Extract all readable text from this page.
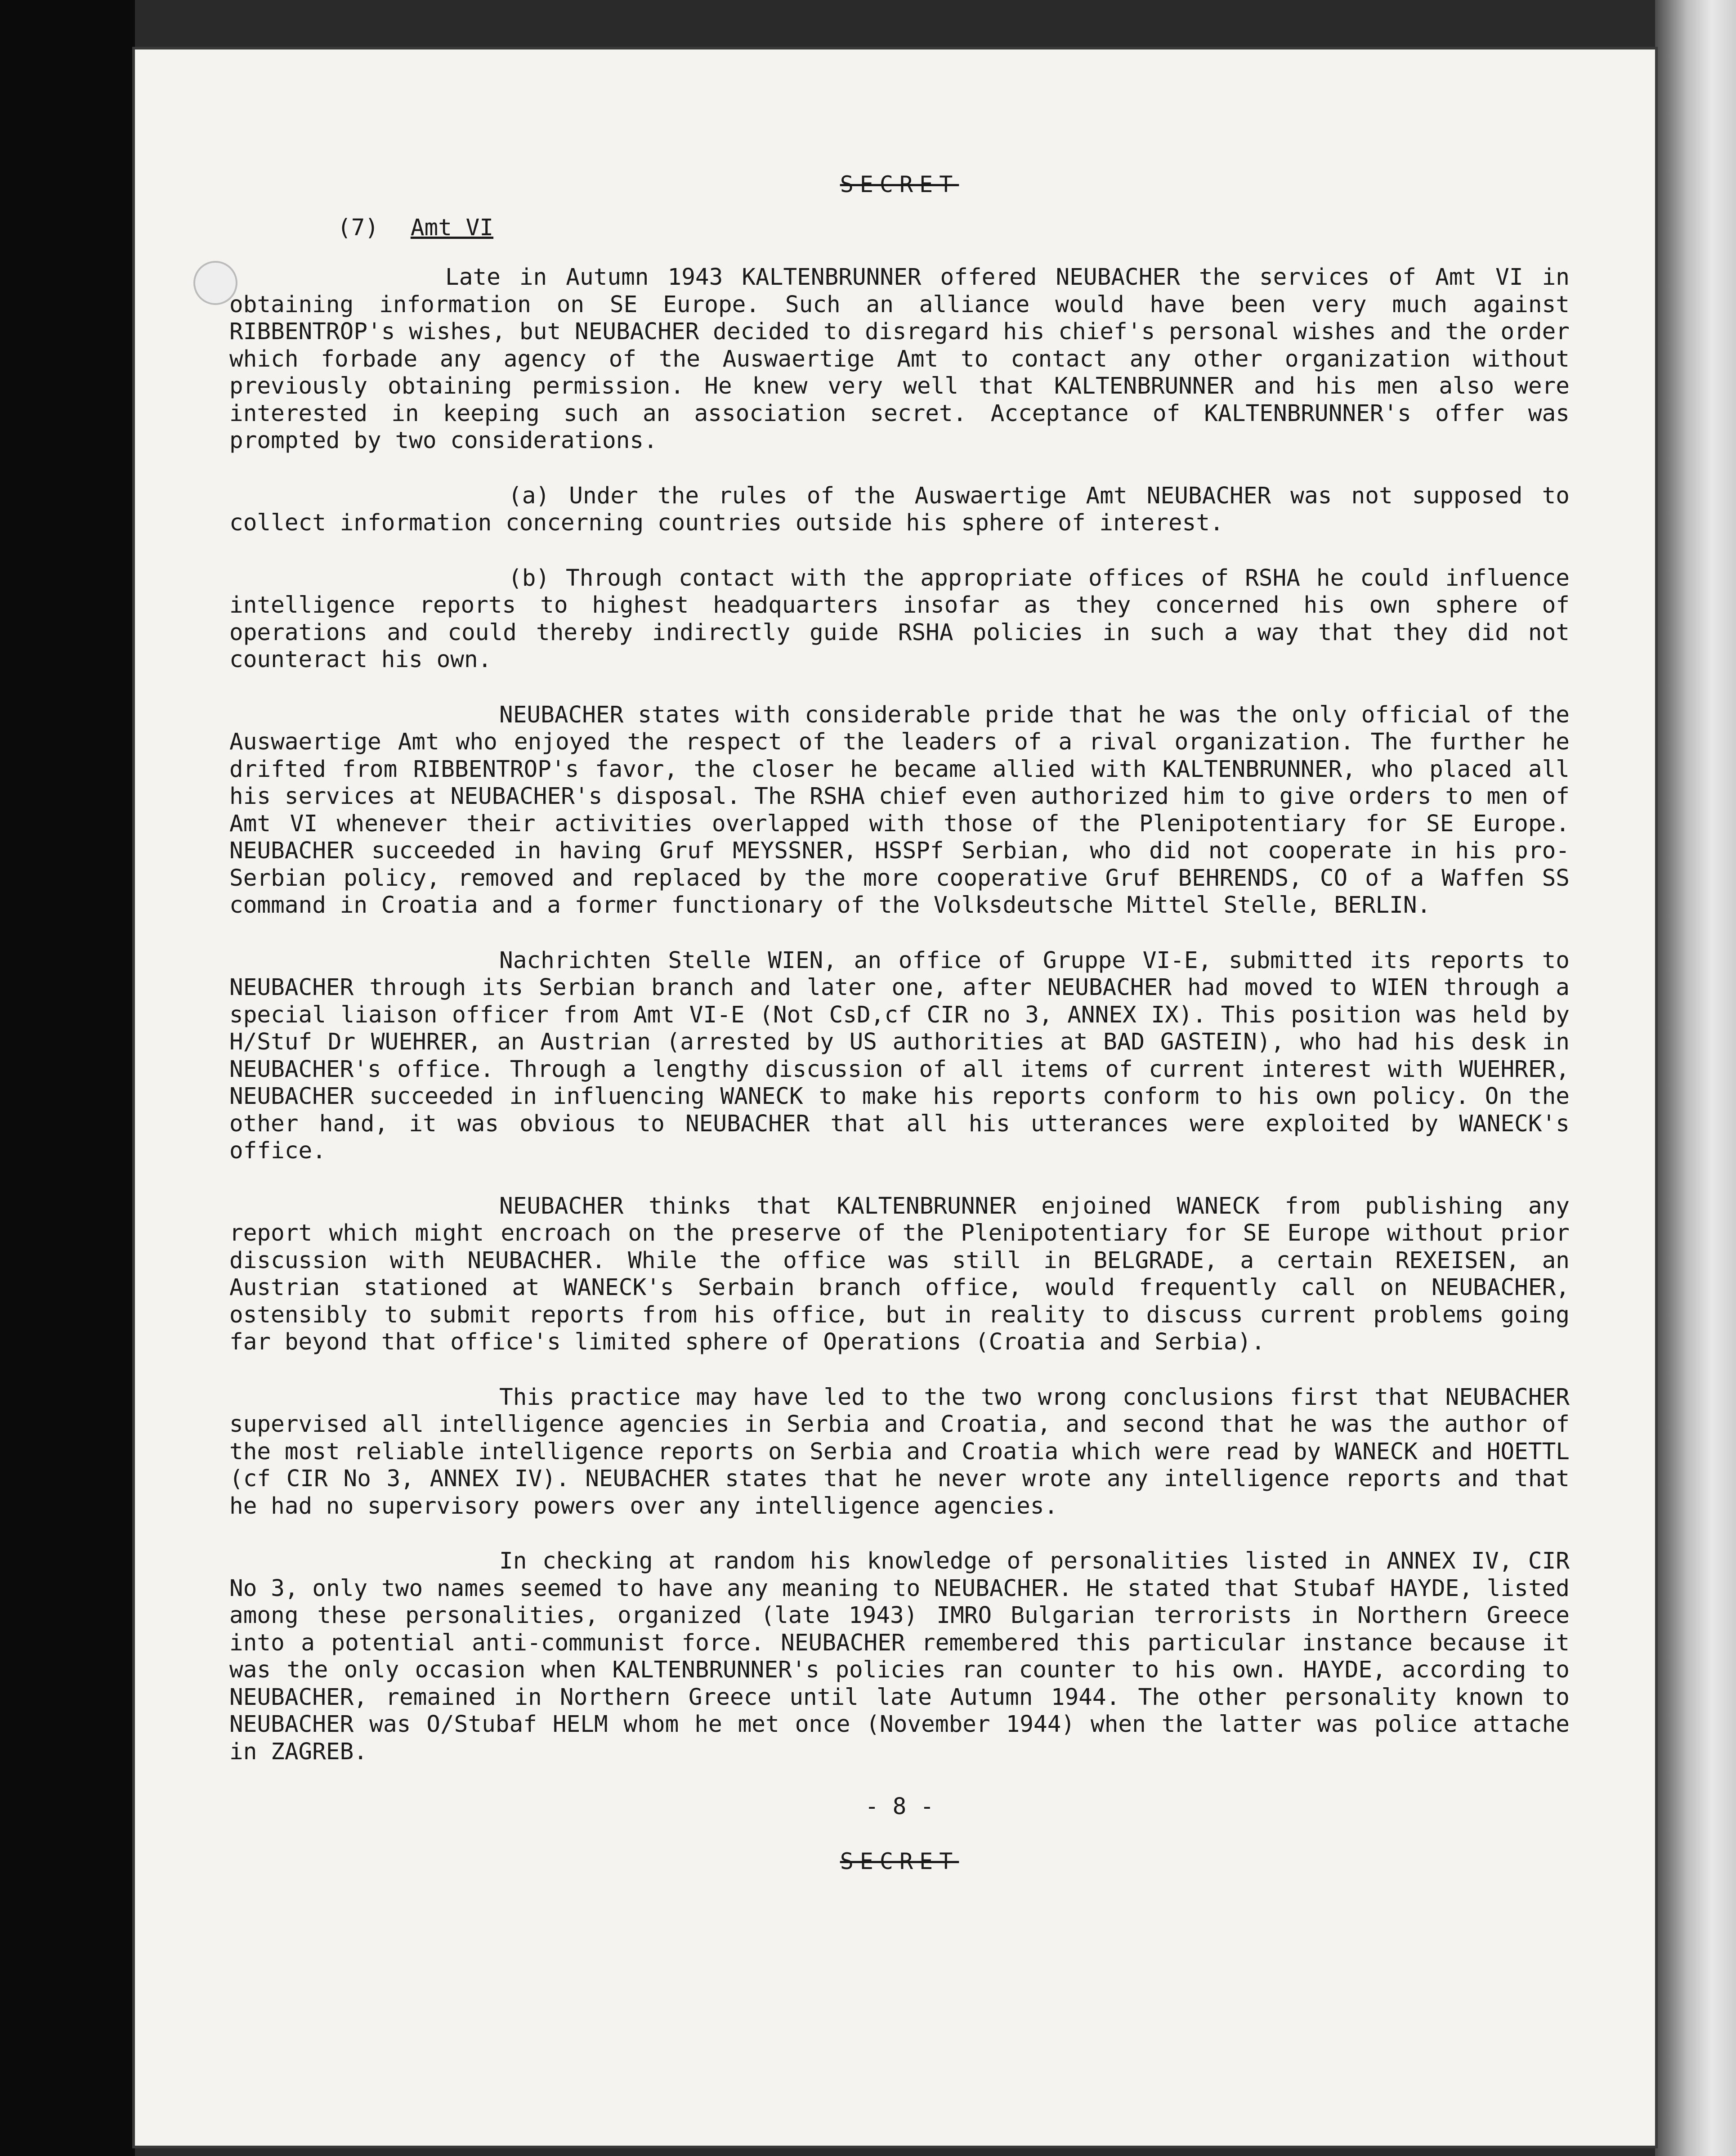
SECRET
(7) Amt VI

Late in Autumn 1943 KALTENBRUNNER offered NEUBACHER the services of Amt VI in obtaining information on SE Europe. Such an alliance would have been very much against RIBBENTROP's wishes, but NEUBACHER decided to disregard his chief's personal wishes and the order which forbade any agency of the Auswaertige Amt to contact any other organization without previously obtaining permission. He knew very well that KALTENBRUNNER and his men also were interested in keeping such an association secret. Acceptance of KALTENBRUNNER's offer was prompted by two considerations.

(a) Under the rules of the Auswaertige Amt NEUBACHER was not supposed to collect information concerning countries outside his sphere of interest.

(b) Through contact with the appropriate offices of RSHA he could influence intelligence reports to highest headquarters insofar as they concerned his own sphere of operations and could thereby indirectly guide RSHA policies in such a way that they did not counteract his own.

NEUBACHER states with considerable pride that he was the only official of the Auswaertige Amt who enjoyed the respect of the leaders of a rival organization. The further he drifted from RIBBENTROP's favor, the closer he became allied with KALTENBRUNNER, who placed all his services at NEUBACHER's disposal. The RSHA chief even authorized him to give orders to men of Amt VI whenever their activities overlapped with those of the Plenipotentiary for SE Europe. NEUBACHER succeeded in having Gruf MEYSSNER, HSSPf Serbian, who did not cooperate in his pro-Serbian policy, removed and replaced by the more cooperative Gruf BEHRENDS, CO of a Waffen SS command in Croatia and a former functionary of the Volksdeutsche Mittel Stelle, BERLIN.

Nachrichten Stelle WIEN, an office of Gruppe VI-E, submitted its reports to NEUBACHER through its Serbian branch and later one, after NEUBACHER had moved to WIEN through a special liaison officer from Amt VI-E (Not CsD,cf CIR no 3, ANNEX IX). This position was held by H/Stuf Dr WUEHRER, an Austrian (arrested by US authorities at BAD GASTEIN), who had his desk in NEUBACHER's office. Through a lengthy discussion of all items of current interest with WUEHRER, NEUBACHER succeeded in influencing WANECK to make his reports conform to his own policy. On the other hand, it was obvious to NEUBACHER that all his utterances were exploited by WANECK's office.

NEUBACHER thinks that KALTENBRUNNER enjoined WANECK from publishing any report which might encroach on the preserve of the Plenipotentiary for SE Europe without prior discussion with NEUBACHER. While the office was still in BELGRADE, a certain REXEISEN, an Austrian stationed at WANECK's Serbain branch office, would frequently call on NEUBACHER, ostensibly to submit reports from his office, but in reality to discuss current problems going far beyond that office's limited sphere of Operations (Croatia and Serbia).

This practice may have led to the two wrong conclusions first that NEUBACHER supervised all intelligence agencies in Serbia and Croatia, and second that he was the author of the most reliable intelligence reports on Serbia and Croatia which were read by WANECK and HOETTL (cf CIR No 3, ANNEX IV). NEUBACHER states that he never wrote any intelligence reports and that he had no supervisory powers over any intelligence agencies.

In checking at random his knowledge of personalities listed in ANNEX IV, CIR No 3, only two names seemed to have any meaning to NEUBACHER. He stated that Stubaf HAYDE, listed among these personalities, organized (late 1943) IMRO Bulgarian terrorists in Northern Greece into a potential anti-communist force. NEUBACHER remembered this particular instance because it was the only occasion when KALTENBRUNNER's policies ran counter to his own. HAYDE, according to NEUBACHER, remained in Northern Greece until late Autumn 1944. The other personality known to NEUBACHER was O/Stubaf HELM whom he met once (November 1944) when the latter was police attache in ZAGREB.

- 8 -
SECRET
